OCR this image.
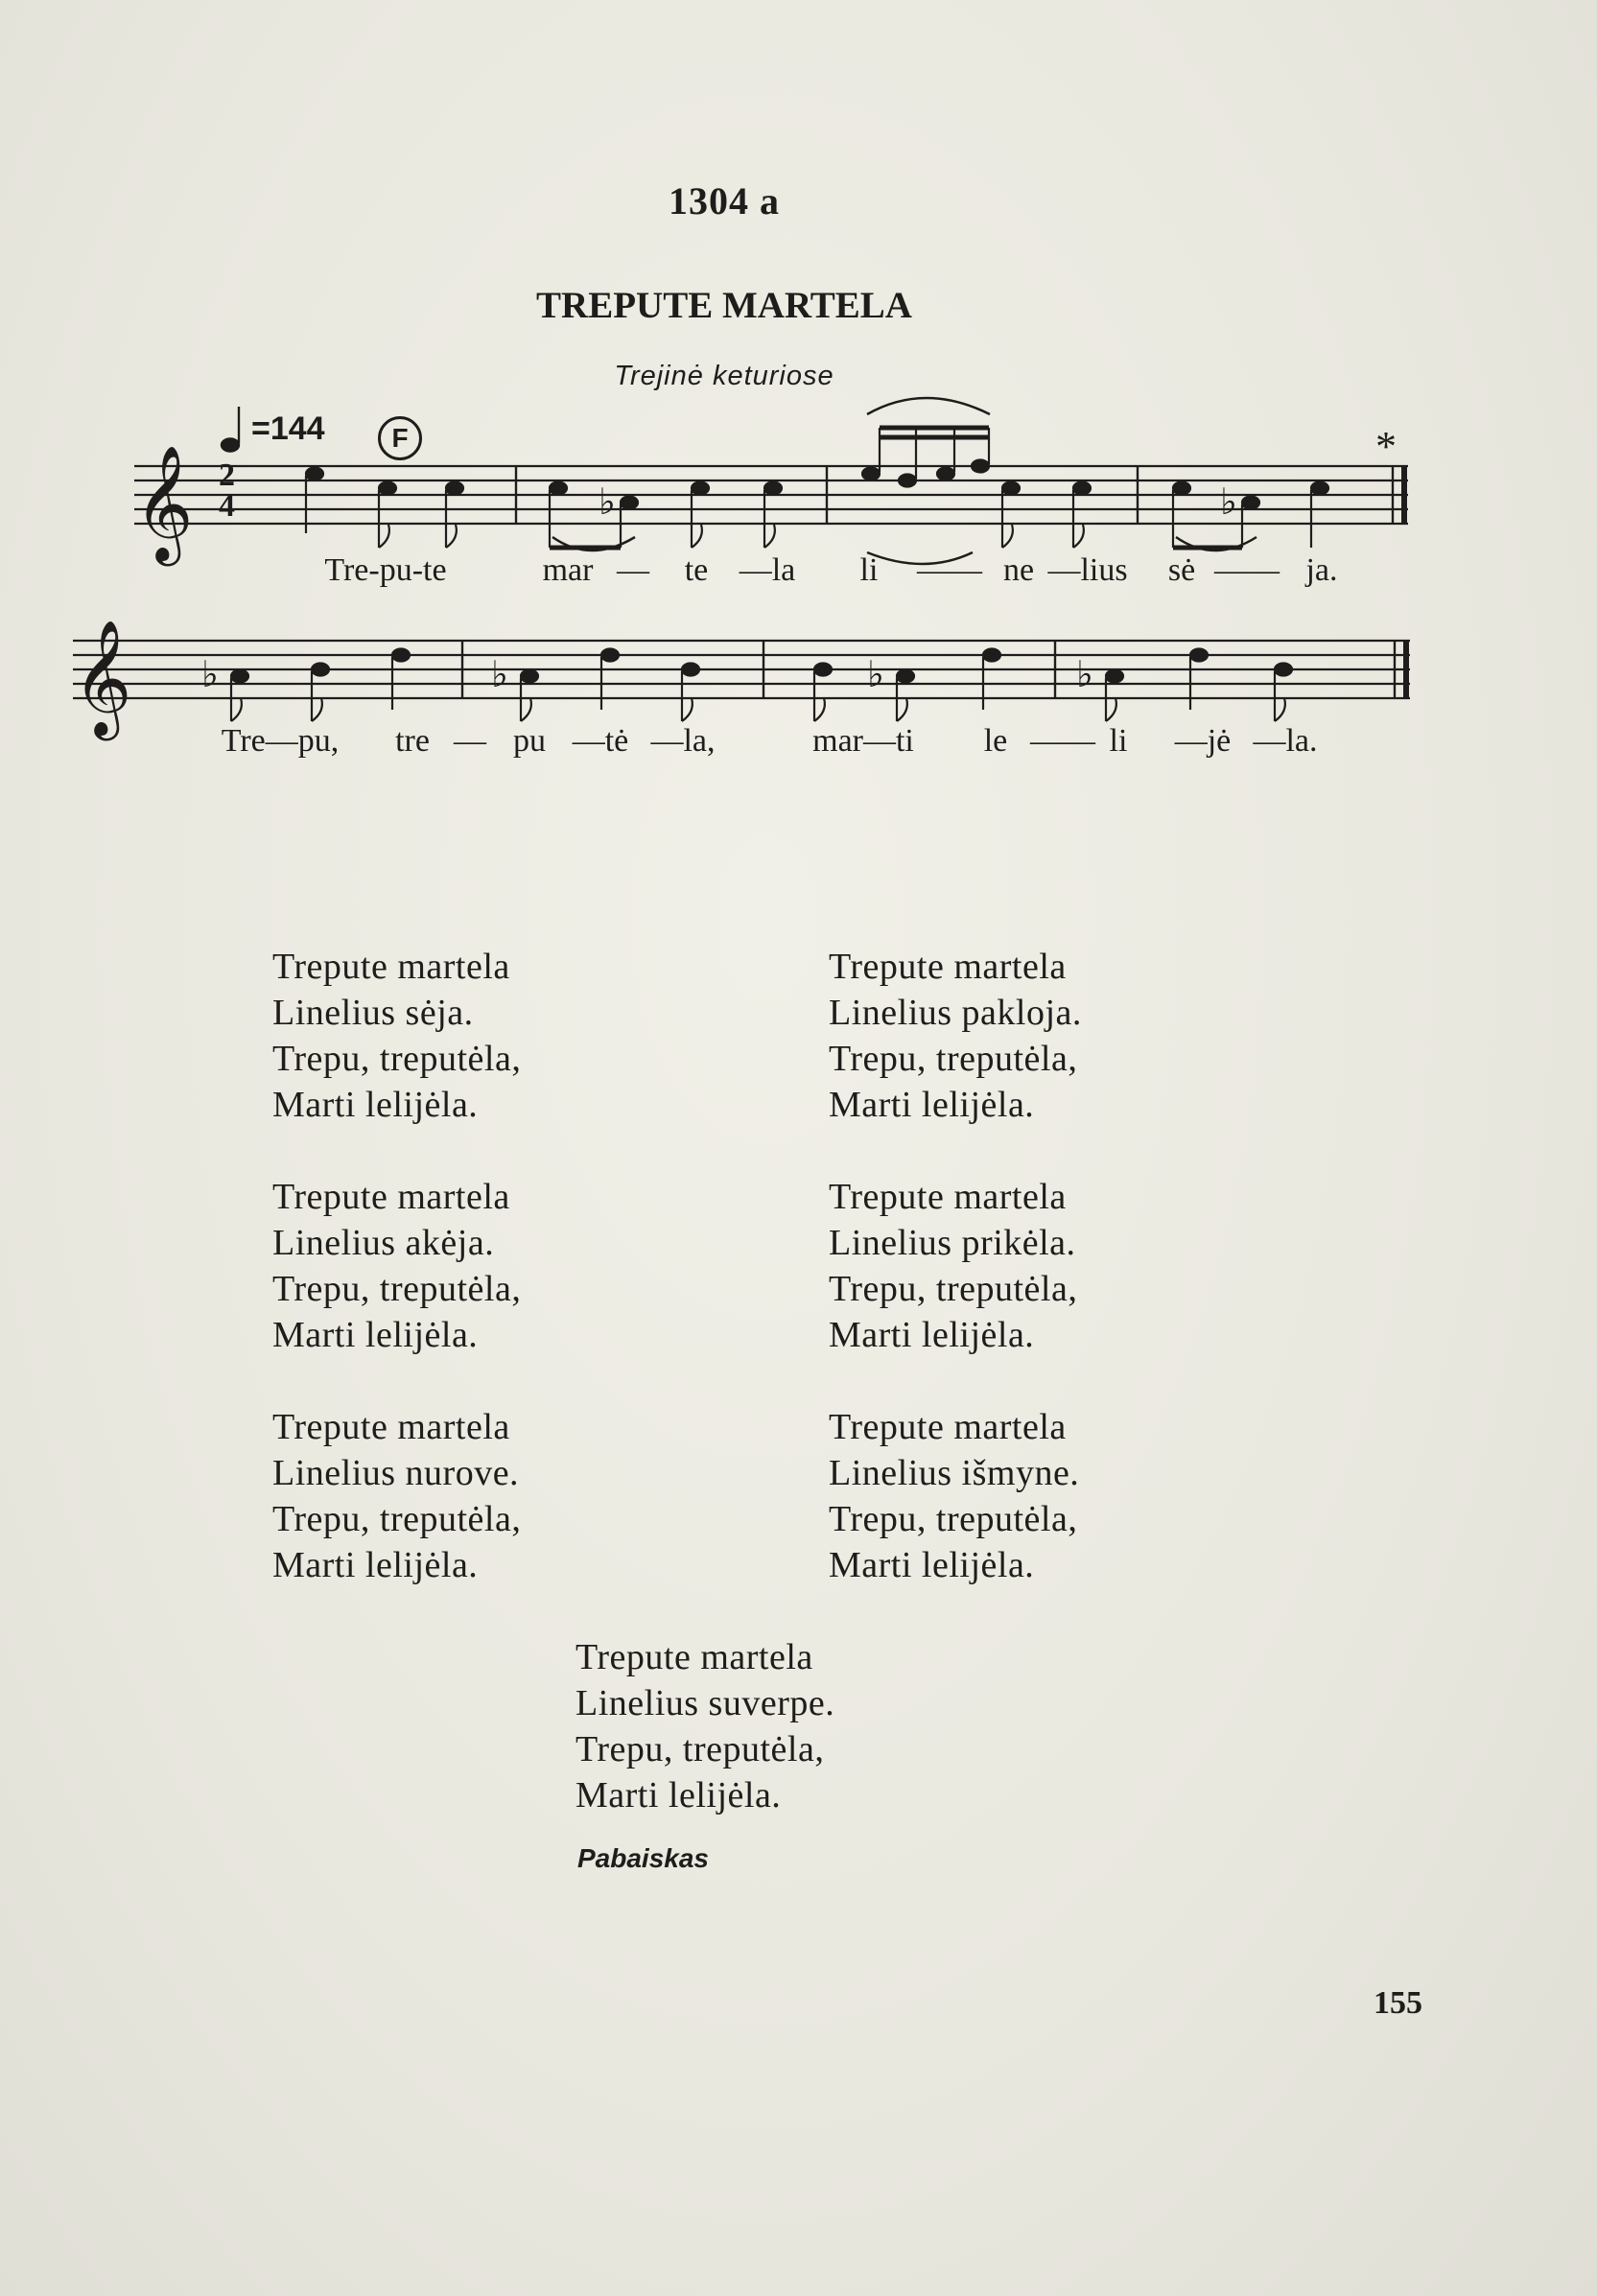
1304 a
TREPUTE MARTELA
Trejinė keturiose
𝄞
𝄞
♭	♭
♭	♭	♭	♭
2
4
=144	F	*
Tre-pu-te	mar — te —la li —— ne —lius sė —— ja.
Tre—pu, tre — pu —tė —la,	mar—ti le —— li —jė —la.
Trepute martela
Linelius sėja.
Trepu, treputėla,
Marti lelijėla.
Trepute martela
Linelius pakloja.
Trepu, treputėla,
Marti lelijėla.
Trepute martela
Linelius akėja.
Trepu, treputėla,
Marti lelijėla.
Trepute martela
Linelius prikėla.
Trepu, treputėla,
Marti lelijėla.
Trepute martela
Linelius nurove.
Trepu, treputėla,
Marti lelijėla.
Trepute martela
Linelius išmyne.
Trepu, treputėla,
Marti lelijėla.
Trepute martela
Linelius suverpe.
Trepu, treputėla,
Marti lelijėla.
Pabaiskas
155
